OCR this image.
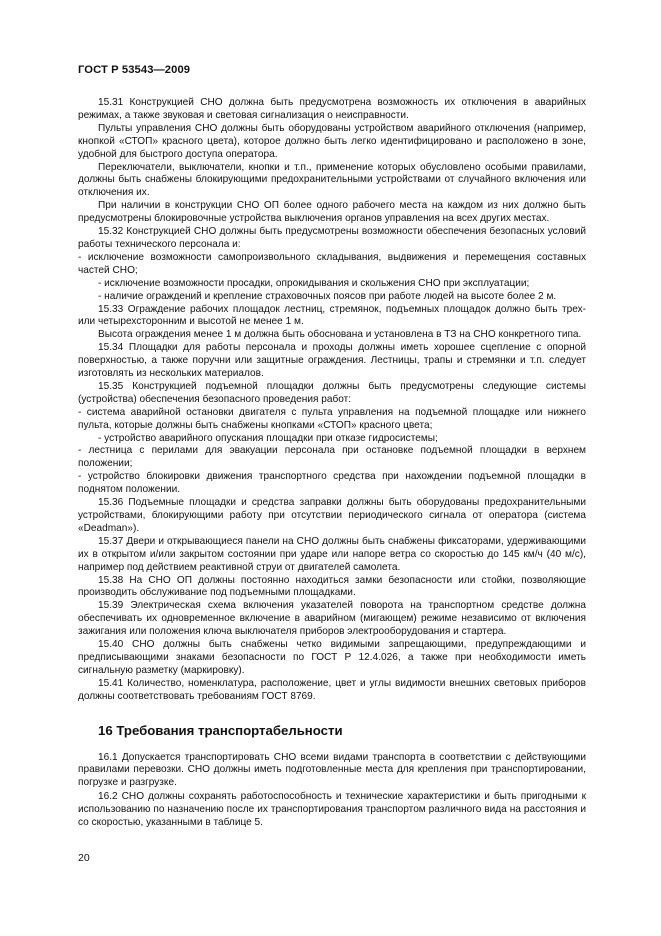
ГОСТ Р 53543—2009

15.31 Конструкцией СНО должна быть предусмотрена возможность их отключения в аварийных режимах, а также звуковая и световая сигнализация о неисправности.

Пульты управления СНО должны быть оборудованы устройством аварийного отключения (например, кнопкой «СТОП» красного цвета), которое должно быть легко идентифицировано и расположено в зоне, удобной для быстрого доступа оператора.

Переключатели, выключатели, кнопки и т.п., применение которых обусловлено особыми правилами, должны быть снабжены блокирующими предохранительными устройствами от случайного включения или отключения их.

При наличии в конструкции СНО ОП более одного рабочего места на каждом из них должно быть предусмотрены блокировочные устройства выключения органов управления на всех других местах.

15.32 Конструкцией СНО должны быть предусмотрены возможности обеспечения безопасных условий работы технического персонала и:

- исключение возможности самопроизвольного складывания, выдвижения и перемещения составных частей СНО;

- исключение возможности просадки, опрокидывания и скольжения СНО при эксплуатации;

- наличие ограждений и крепление страховочных поясов при работе людей на высоте более 2 м.

15.33 Ограждение рабочих площадок лестниц, стремянок, подъемных площадок должно быть трех- или четырехсторонним и высотой не менее 1 м.

Высота ограждения менее 1 м должна быть обоснована и установлена в ТЗ на СНО конкретного типа.

15.34 Площадки для работы персонала и проходы должны иметь хорошее сцепление с опорной поверхностью, а также поручни или защитные ограждения. Лестницы, трапы и стремянки и т.п. следует изготовлять из нескольких материалов.

15.35 Конструкцией подъемной площадки должны быть предусмотрены следующие системы (устройства) обеспечения безопасного проведения работ:

- система аварийной остановки двигателя с пульта управления на подъемной площадке или нижнего пульта, которые должны быть снабжены кнопками «СТОП» красного цвета;

- устройство аварийного опускания площадки при отказе гидросистемы;

- лестница с перилами для эвакуации персонала при остановке подъемной площадки в верхнем положении;

- устройство блокировки движения транспортного средства при нахождении подъемной площадки в поднятом положении.

15.36 Подъемные площадки и средства заправки должны быть оборудованы предохранительными устройствами, блокирующими работу при отсутствии периодического сигнала от оператора (система «Deadman»).

15.37 Двери и открывающиеся панели на СНО должны быть снабжены фиксаторами, удерживающими их в открытом и/или закрытом состоянии при ударе или напоре ветра со скоростью до 145 км/ч (40 м/с), например под действием реактивной струи от двигателей самолета.

15.38 На СНО ОП должны постоянно находиться замки безопасности или стойки, позволяющие производить обслуживание под подъемными площадками.

15.39 Электрическая схема включения указателей поворота на транспортном средстве должна обеспечивать их одновременное включение в аварийном (мигающем) режиме независимо от включения зажигания или положения ключа выключателя приборов электрооборудования и стартера.

15.40 СНО должны быть снабжены четко видимыми запрещающими, предупреждающими и предписывающими знаками безопасности по ГОСТ Р 12.4.026, а также при необходимости иметь сигнальную разметку (маркировку).

15.41 Количество, номенклатура, расположение, цвет и углы видимости внешних световых приборов должны соответствовать требованиям ГОСТ 8769.

16 Требования транспортабельности

16.1 Допускается транспортировать СНО всеми видами транспорта в соответствии с действующими правилами перевозки. СНО должны иметь подготовленные места для крепления при транспортировании, погрузке и разгрузке.

16.2 СНО должны сохранять работоспособность и технические характеристики и быть пригодными к использованию по назначению после их транспортирования транспортом различного вида на расстояния и со скоростью, указанными в таблице 5.

20
